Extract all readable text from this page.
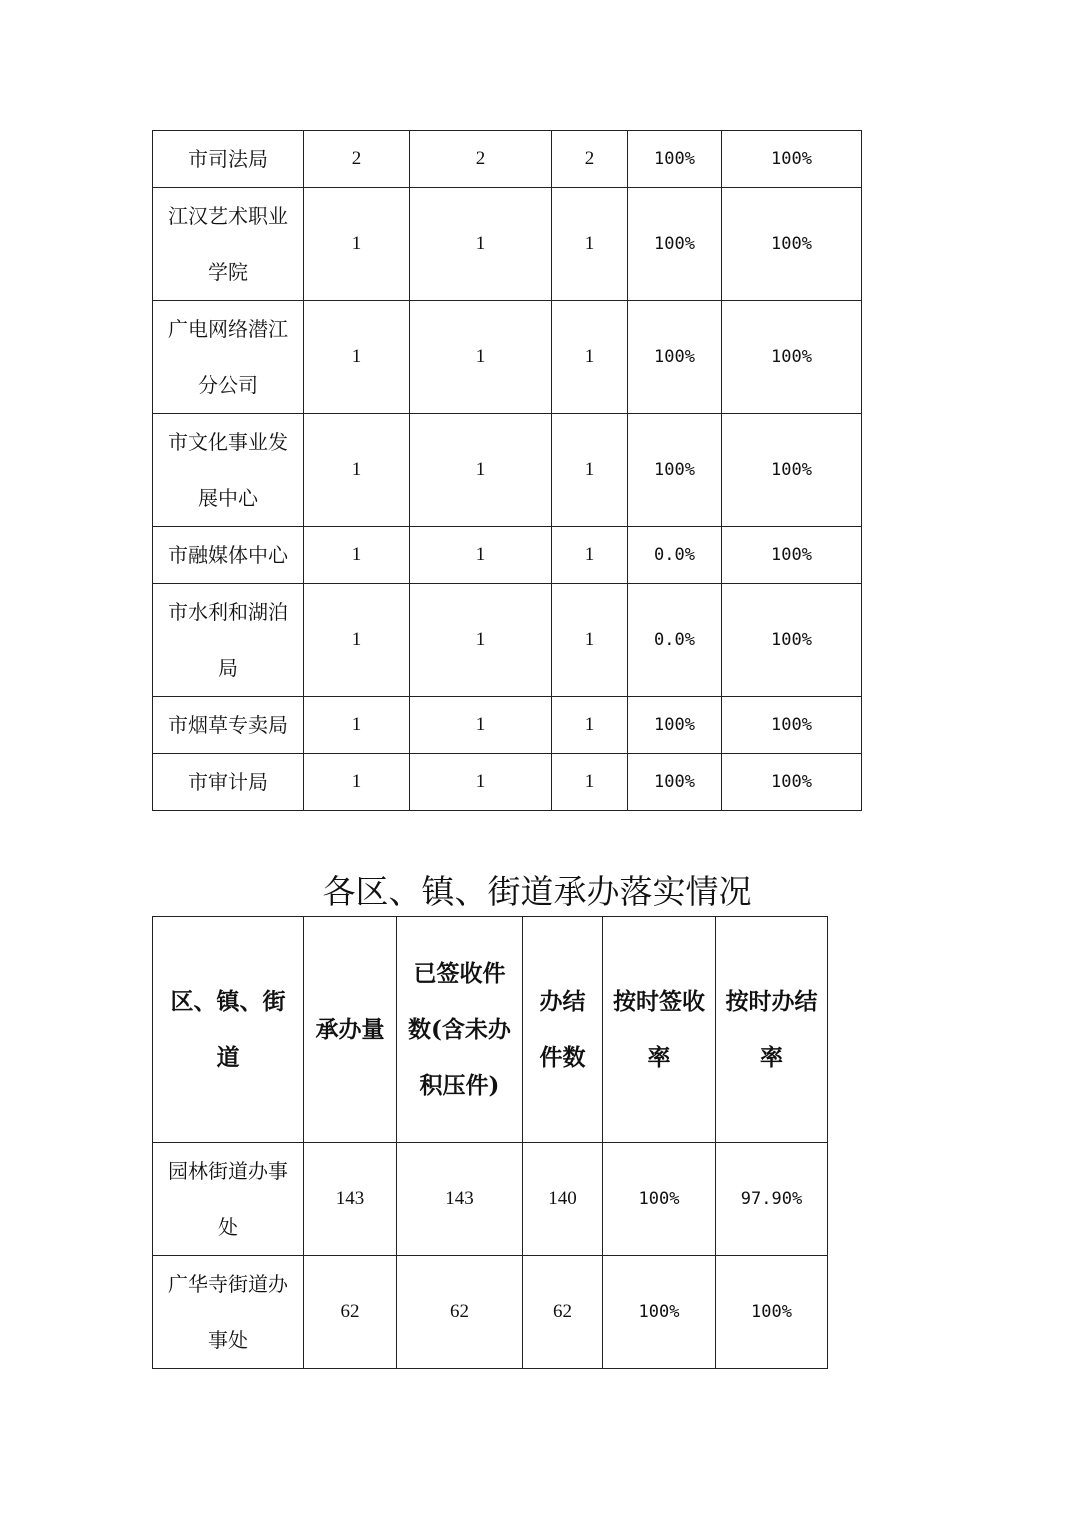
市司法局	2	2	2	100%	100%
江汉艺术职业学院	1	1	1	100%	100%
广电网络潜江分公司	1	1	1	100%	100%
市文化事业发展中心	1	1	1	100%	100%
市融媒体中心	1	1	1	0.0%	100%
市水利和湖泊局	1	1	1	0.0%	100%
市烟草专卖局	1	1	1	100%	100%
市审计局	1	1	1	100%	100%
各区、镇、街道承办落实情况
区、镇、街道	承办量	已签收件数(含未办积压件)	办结件数	按时签收率	按时办结率
园林街道办事处	143	143	140	100%	97.90%
广华寺街道办事处	62	62	62	100%	100%
